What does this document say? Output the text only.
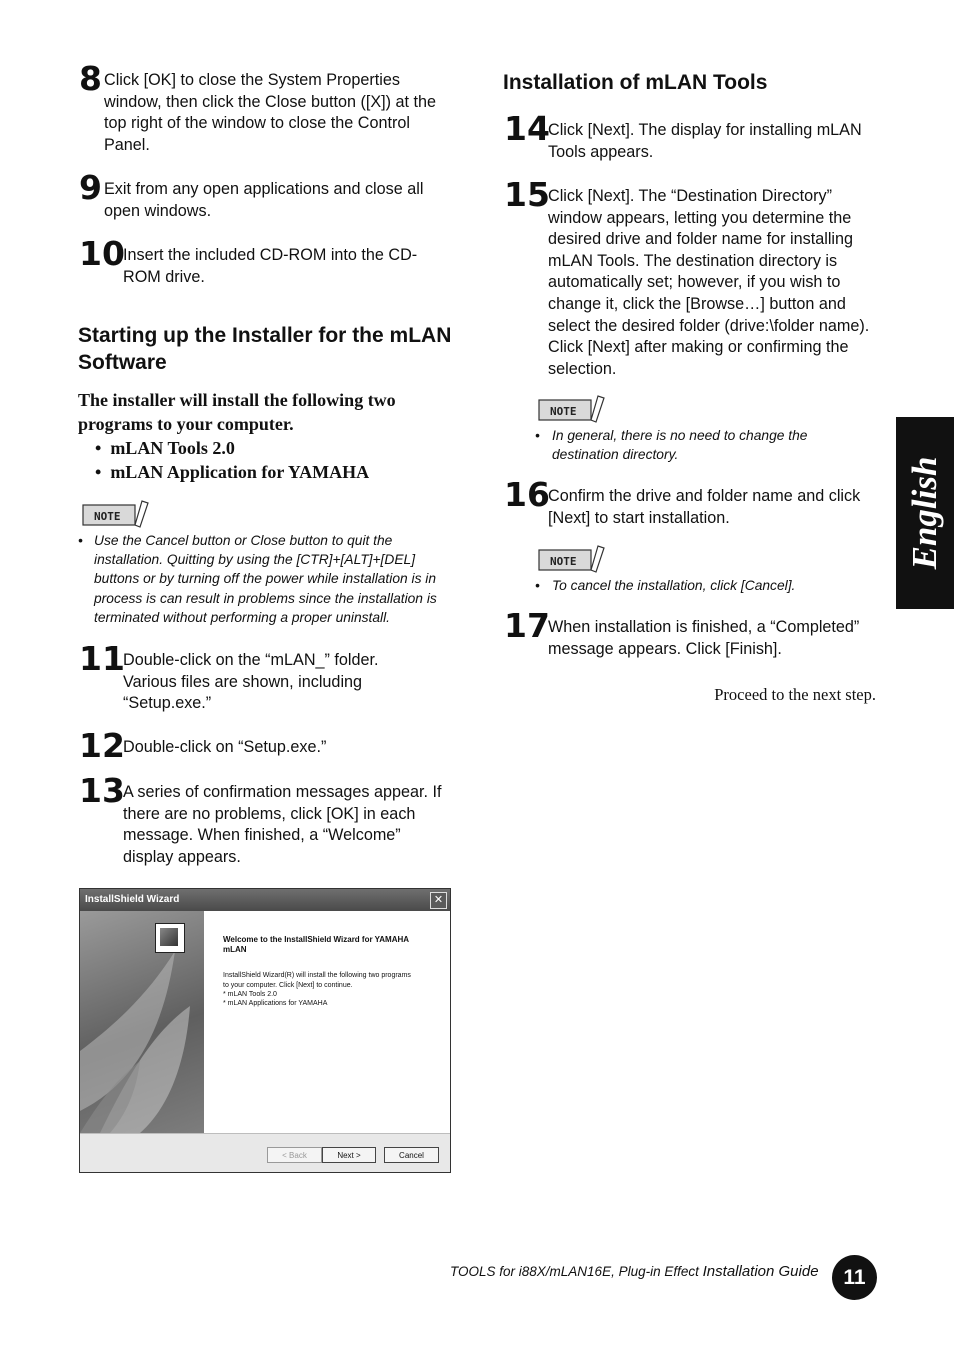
8 Click [OK] to close the System Properties window, then click the Close button ([X]) at the top right of the window to close the Control Panel.
9 Exit from any open applications and close all open windows.
10
Insert the included CD-ROM into the CD-ROM drive.
Starting up the Installer for the mLAN Software
The installer will install the following two programs to your computer.
•  mLAN Tools 2.0
•  mLAN Application for YAMAHA
NOTE
• Use the Cancel button or Close button to quit the installation. Quitting by using the [CTR]+[ALT]+[DEL] buttons or by turning off the power while installation is in process is can result in problems since the installation is terminated without performing a proper uninstall.
11
Double-click on the “mLAN_” folder. Various files are shown, including “Setup.exe.”
12
Double-click on “Setup.exe.”
13
A series of confirmation messages appear. If there are no problems, click [OK] in each message. When finished, a “Welcome” display appears.
InstallShield Wizard	✕
Welcome to the InstallShield Wizard for YAMAHA mLAN
InstallShield Wizard(R) will install the following two programs to your computer. Click [Next] to continue.
* mLAN Tools 2.0
* mLAN Applications for YAMAHA
< Back	Next >	Cancel
Installation of mLAN Tools
14
Click [Next]. The display for installing mLAN Tools appears.
15
Click [Next]. The “Destination Directory” window appears, letting you determine the desired drive and folder name for installing mLAN Tools. The destination directory is automatically set; however, if you wish to change it, click the [Browse…] button and select the desired folder (drive:\folder name). Click [Next] after making or confirming the selection.
NOTE
• In general, there is no need to change the destination directory.
16
Confirm the drive and folder name and click [Next] to start installation.
NOTE
• To cancel the installation, click [Cancel].
17
When installation is finished, a “Completed” message appears. Click [Finish].
Proceed to the next step.
English
TOOLS for i88X/mLAN16E, Plug-in Effect Installation Guide	11
